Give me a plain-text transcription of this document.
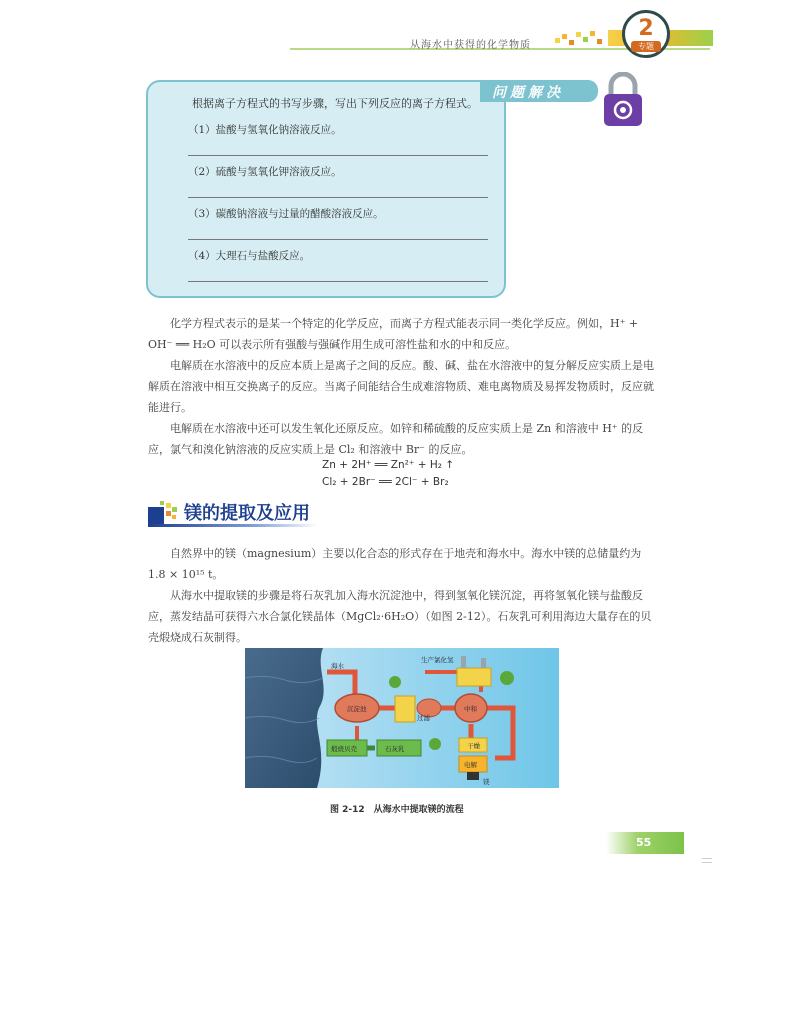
从海水中获得的化学物质
2
专题
问题解决
根据离子方程式的书写步骤，写出下列反应的离子方程式。
（1）盐酸与氢氧化钠溶液反应。
（2）硫酸与氢氧化钾溶液反应。
（3）碳酸钠溶液与过量的醋酸溶液反应。
（4）大理石与盐酸反应。

化学方程式表示的是某一个特定的化学反应，而离子方程式能表示同一类化学反应。例如，H⁺ + OH⁻ ══ H₂O 可以表示所有强酸与强碱作用生成可溶性盐和水的中和反应。

电解质在水溶液中的反应本质上是离子之间的反应。酸、碱、盐在水溶液中的复分解反应实质上是电解质在溶液中相互交换离子的反应。当离子间能结合生成难溶物质、难电离物质及易挥发物质时，反应就能进行。

电解质在水溶液中还可以发生氧化还原反应。如锌和稀硫酸的反应实质上是 Zn 和溶液中 H⁺ 的反应，氯气和溴化钠溶液的反应实质上是 Cl₂ 和溶液中 Br⁻ 的反应。

Zn + 2H⁺ ══ Zn²⁺ + H₂ ↑
Cl₂ + 2Br⁻ ══ 2Cl⁻ + Br₂
镁的提取及应用

自然界中的镁（magnesium）主要以化合态的形式存在于地壳和海水中。海水中镁的总储量约为 1.8 × 10¹⁵ t。

从海水中提取镁的步骤是将石灰乳加入海水沉淀池中，得到氢氧化镁沉淀，再将氢氧化镁与盐酸反应，蒸发结晶可获得六水合氯化镁晶体（MgCl₂·6H₂O）（如图 2-12）。石灰乳可利用海边大量存在的贝壳煅烧成石灰制得。

海水
沉淀池
过滤
中和
生产氯化氢
煅烧贝壳	石灰乳	干燥
电解
镁
图 2-12　从海水中提取镁的流程
55
